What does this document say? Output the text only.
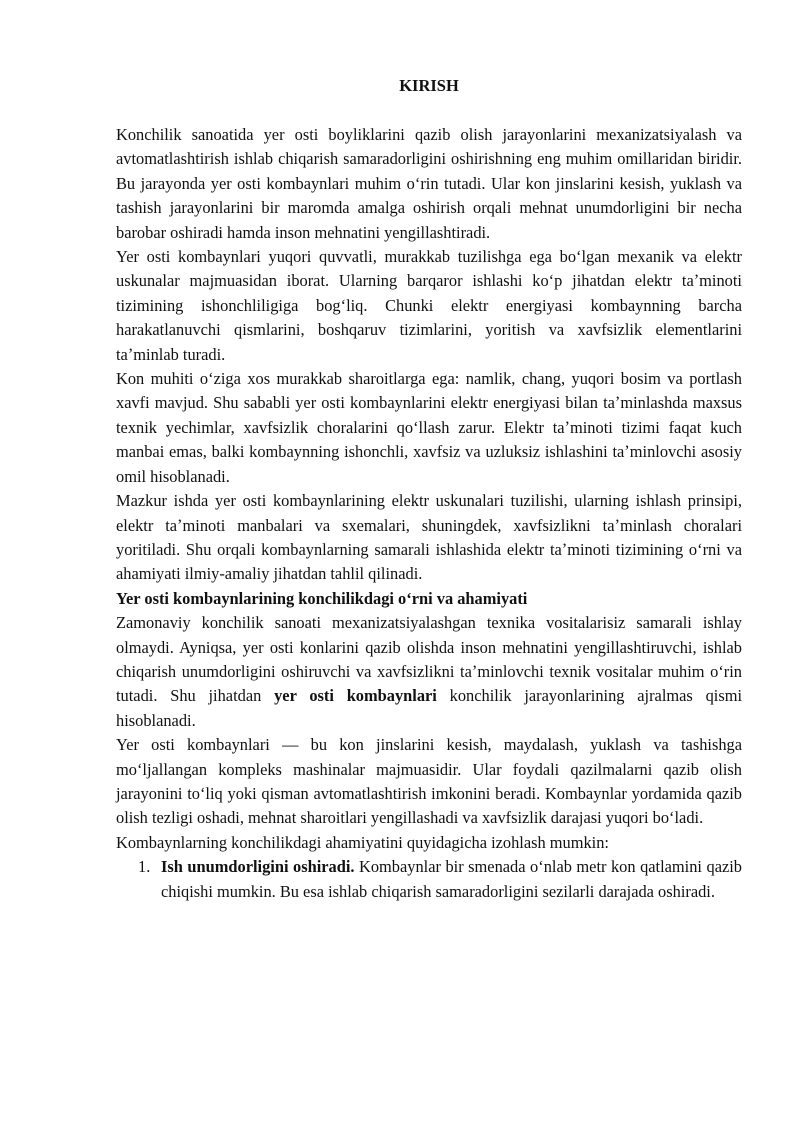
KIRISH

Konchilik sanoatida yer osti boyliklarini qazib olish jarayonlarini mexanizatsiyalash va avtomatlashtirish ishlab chiqarish samaradorligini oshirishning eng muhim omillaridan biridir. Bu jarayonda yer osti kombaynlari muhim oʻrin tutadi. Ular kon jinslarini kesish, yuklash va tashish jarayonlarini bir maromda amalga oshirish orqali mehnat unumdorligini bir necha barobar oshiradi hamda inson mehnatini yengillashtiradi.

Yer osti kombaynlari yuqori quvvatli, murakkab tuzilishga ega boʻlgan mexanik va elektr uskunalar majmuasidan iborat. Ularning barqaror ishlashi koʻp jihatdan elektr taʼminoti tizimining ishonchliligiga bogʻliq. Chunki elektr energiyasi kombaynning barcha harakatlanuvchi qismlarini, boshqaruv tizimlarini, yoritish va xavfsizlik elementlarini taʼminlab turadi.

Kon muhiti oʻziga xos murakkab sharoitlarga ega: namlik, chang, yuqori bosim va portlash xavfi mavjud. Shu sababli yer osti kombaynlarini elektr energiyasi bilan taʼminlashda maxsus texnik yechimlar, xavfsizlik choralarini qoʻllash zarur. Elektr taʼminoti tizimi faqat kuch manbai emas, balki kombaynning ishonchli, xavfsiz va uzluksiz ishlashini taʼminlovchi asosiy omil hisoblanadi.

Mazkur ishda yer osti kombaynlarining elektr uskunalari tuzilishi, ularning ishlash prinsipi, elektr taʼminoti manbalari va sxemalari, shuningdek, xavfsizlikni taʼminlash choralari yoritiladi. Shu orqali kombaynlarning samarali ishlashida elektr taʼminoti tizimining oʻrni va ahamiyati ilmiy-amaliy jihatdan tahlil qilinadi.

Yer osti kombaynlarining konchilikdagi oʻrni va ahamiyati

Zamonaviy konchilik sanoati mexanizatsiyalashgan texnika vositalarisiz samarali ishlay olmaydi. Ayniqsa, yer osti konlarini qazib olishda inson mehnatini yengillashtiruvchi, ishlab chiqarish unumdorligini oshiruvchi va xavfsizlikni taʼminlovchi texnik vositalar muhim oʻrin tutadi. Shu jihatdan yer osti kombaynlari konchilik jarayonlarining ajralmas qismi hisoblanadi.

Yer osti kombaynlari — bu kon jinslarini kesish, maydalash, yuklash va tashishga moʻljallangan kompleks mashinalar majmuasidir. Ular foydali qazilmalarni qazib olish jarayonini toʻliq yoki qisman avtomatlashtirish imkonini beradi. Kombaynlar yordamida qazib olish tezligi oshadi, mehnat sharoitlari yengillashadi va xavfsizlik darajasi yuqori boʻladi.

Kombaynlarning konchilikdagi ahamiyatini quyidagicha izohlash mumkin:

1. Ish unumdorligini oshiradi. Kombaynlar bir smenada oʻnlab metr kon qatlamini qazib chiqishi mumkin. Bu esa ishlab chiqarish samaradorligini sezilarli darajada oshiradi.
